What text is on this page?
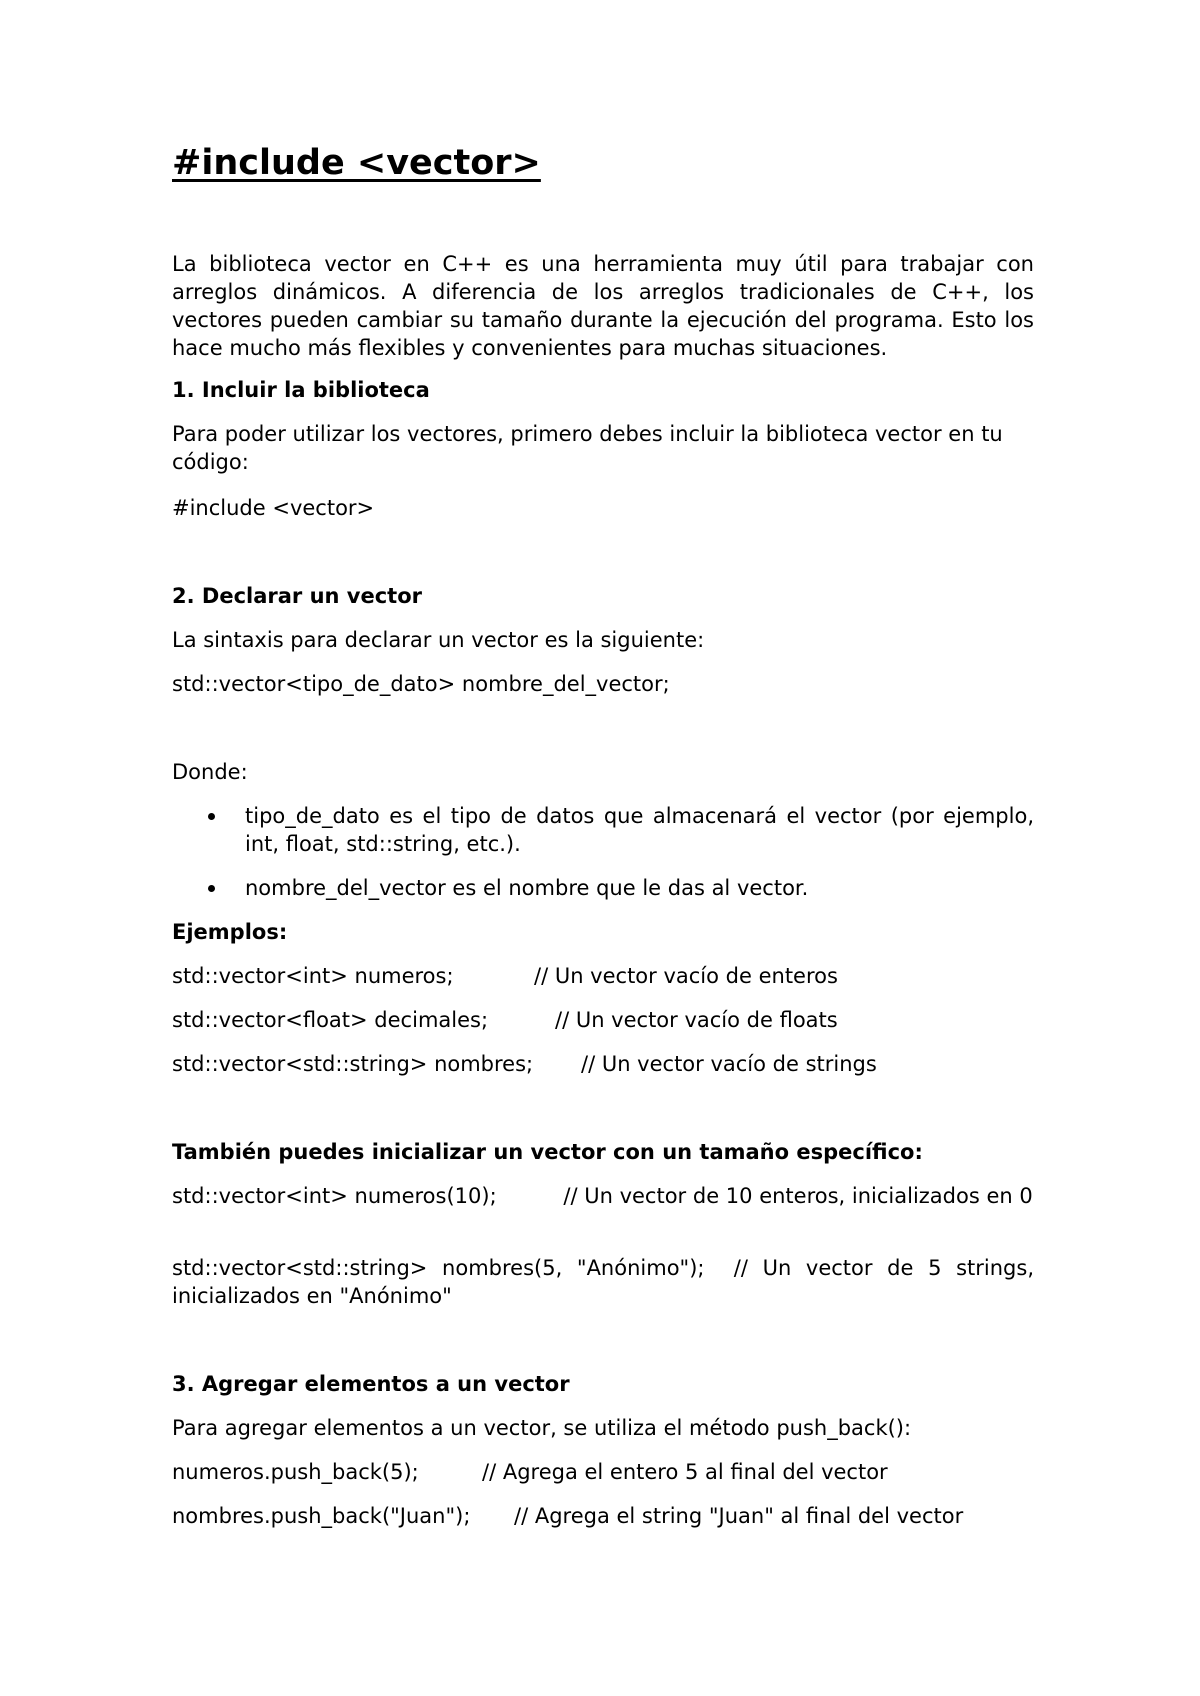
#include <vector>

La biblioteca vector en C++ es una herramienta muy útil para trabajar con arreglos dinámicos. A diferencia de los arreglos tradicionales de C++, los vectores pueden cambiar su tamaño durante la ejecución del programa. Esto los hace mucho más flexibles y convenientes para muchas situaciones.

1. Incluir la biblioteca

Para poder utilizar los vectores, primero debes incluir la biblioteca vector en tu código:

#include <vector>

2. Declarar un vector

La sintaxis para declarar un vector es la siguiente:

std::vector<tipo_de_dato> nombre_del_vector;

Donde:

tipo_de_dato es el tipo de datos que almacenará el vector (por ejemplo, int, float, std::string, etc.).
nombre_del_vector es el nombre que le das al vector.

Ejemplos:

std::vector<int> numeros;	// Un vector vacío de enteros
std::vector<float> decimales;	// Un vector vacío de floats
std::vector<std::string> nombres; // Un vector vacío de strings

También puedes inicializar un vector con un tamaño específico:

std::vector<int> numeros(10);          // Un vector de 10 enteros, inicializados en 0

std::vector<std::string> nombres(5, "Anónimo");  // Un vector de 5 strings, inicializados en "Anónimo"

3. Agregar elementos a un vector

Para agregar elementos a un vector, se utiliza el método push_back():

numeros.push_back(5);	// Agrega el entero 5 al final del vector
nombres.push_back("Juan"); // Agrega el string "Juan" al final del vector
